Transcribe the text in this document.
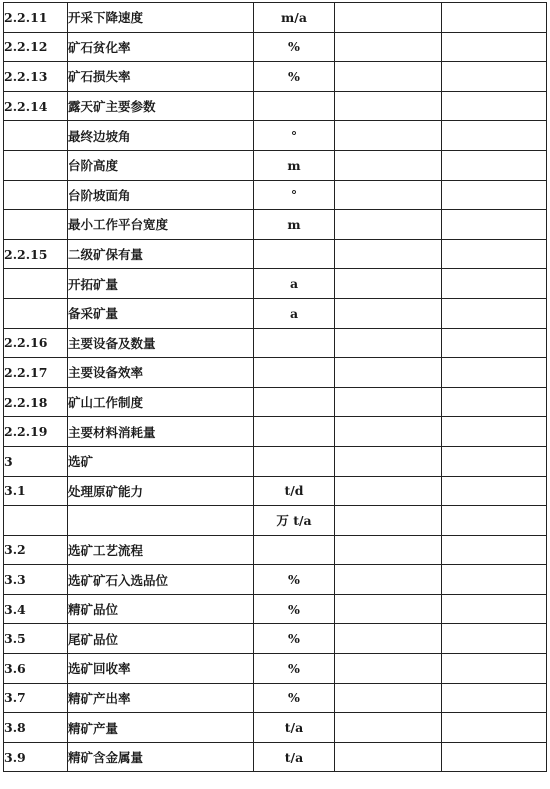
2.2.11	开采下降速度	m/a		
2.2.12	矿石贫化率	%		
2.2.13	矿石损失率	%		
2.2.14	露天矿主要参数			
	最终边坡角	°		
	台阶高度	m		
	台阶坡面角	°		
	最小工作平台宽度	m		
2.2.15	二级矿保有量			
	开拓矿量	a		
	备采矿量	a		
2.2.16	主要设备及数量			
2.2.17	主要设备效率			
2.2.18	矿山工作制度			
2.2.19	主要材料消耗量			
3	选矿			
3.1	处理原矿能力	t/d		
		万 t/a		
3.2	选矿工艺流程			
3.3	选矿矿石入选品位	%		
3.4	精矿品位	%		
3.5	尾矿品位	%		
3.6	选矿回收率	%		
3.7	精矿产出率	%		
3.8	精矿产量	t/a		
3.9	精矿含金属量	t/a		
